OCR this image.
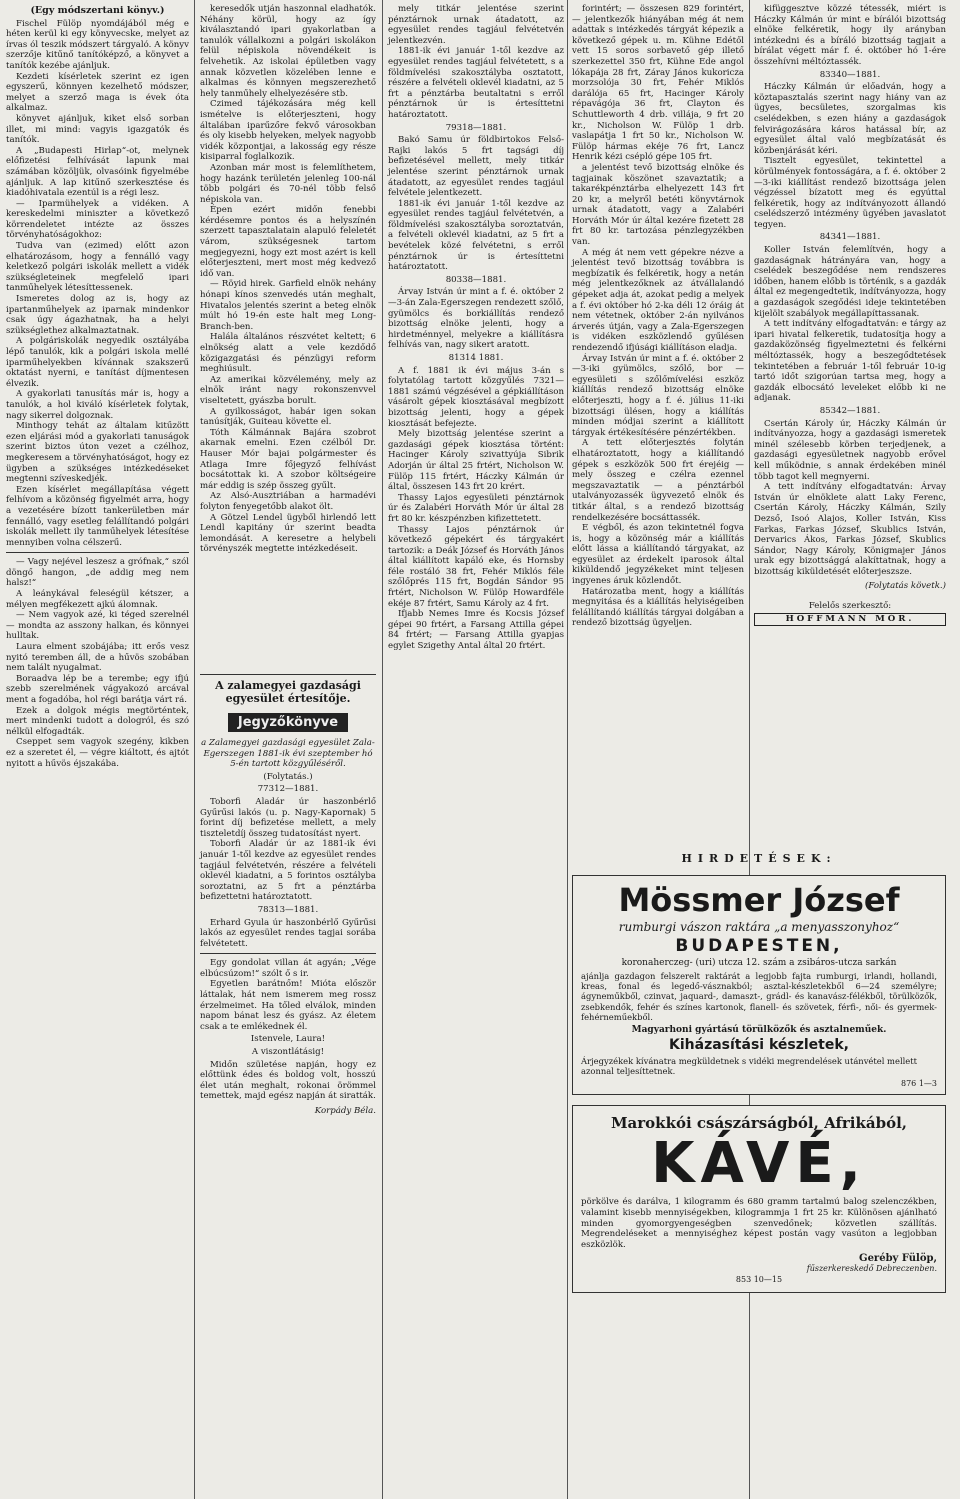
(Egy módszertani könyv.)

Fischel Fülöp nyomdájából még e héten kerül ki egy könyvecske, melyet az írvas ól teszik módszert tárgyaló. A könyv szerzője kitűnő tanítóképző, a könyvet a tanítók kezébe ajánljuk.

Kezdeti kísérletek szerint ez igen egyszerű, könnyen kezelhető módszer, melyet a szerző maga is évek óta alkalmaz.

könyvet ajánljuk, kiket első sorban illet, mi mind: vagyis igazgatók és tanítók.

A „Budapesti Hirlap“-ot, melynek előfizetési felhívását lapunk mai számában közöljük, olvasóink figyelmébe ajánljuk. A lap kitűnő szerkesztése és kiadóhivatala ezentúl is a régi lesz.

— Iparmühelyek a vidéken. A kereskedelmi miniszter a következő körrendeletet intézte az összes törvényhatóságokhoz:

Tudva van (ezimed) előtt azon elhatározásom, hogy a fennálló vagy keletkező polgári iskolák mellett a vidék szükségleteinek megfelelő ipari tanműhelyek létesíttessenek.

Ismeretes dolog az is, hogy az ipartanműhelyek az iparnak mindenkor csak úgy ágazhatnak, ha a helyi szükséglethez alkalmaztatnak.

A polgáriskolák negyedik osztályába lépő tanulók, kik a polgári iskola mellé iparműhelyekben kívánnak szakszerű oktatást nyerni, e tanítást díjmentesen élvezik.

A gyakorlati tanusítás már is, hogy a tanulók, a hol kiváló kísérletek folytak, nagy sikerrel dolgoznak.

Minthogy tehát az általam kitűzött ezen eljárási mód a gyakorlati tanuságok szerint biztos úton vezet a czélhoz, megkeresem a törvényhatóságot, hogy ez ügyben a szükséges intézkedéseket megtenni szíveskedjék.

Ezen kísérlet megállapítása végett felhívom a közönség figyelmét arra, hogy a vezetésére bízott tankerületben már fennálló, vagy esetleg felállítandó polgári iskolák mellett ily tanműhelyek létesítése mennyiben volna célszerű.

— Vagy nejével leszesz a grófnak,“ szól döngő hangon, „de addig meg nem halsz!“

A leánykával feleségül kétszer, a mélyen megfékezett ajkú álomnak.

— Nem vagyok azé, ki téged szerelnél — mondta az asszony halkan, és könnyei hulltak.

Laura elment szobájába; itt erős vesz nyitó teremben áll, de a hűvös szobában nem talált nyugalmat.

Boraadva lép be a terembe; egy ifjú szebb szerelmének vágyakozó arcával ment a fogadóba, hol régi barátja várt rá.

Ezek a dolgok mégis megtörténtek, mert mindenki tudott a dologról, és szó nélkül elfogadták.

Cseppet sem vagyok szegény, kikben ez a szeretet él, — végre kiáltott, és ajtót nyitott a hűvös éjszakába.

keresedők utján haszonnal eladhatók. Néhány körül, hogy az így kiválasztandó ipari gyakorlatban a tanulók vállalkozni a polgári iskolákon felül népiskola növendékeit is felvehetik. Az iskolai épületben vagy annak közvetlen közelében lenne e alkalmas és könnyen megszerezhető hely tanműhely elhelyezésére stb.

Czimed tájékozására még kell ismételve is előterjeszteni, hogy általában iparűzőre fekvő városokban és oly kisebb helyeken, melyek nagyobb vidék központjai, a lakosság egy része kisiparral foglalkozik.

Azonban már most is felemlíthetem, hogy hazánk területén jelenleg 100-nál több polgári és 70-nél több felső népiskola van.

Épen ezért midőn fenebbi kérdésemre pontos és a helyszínén szerzett tapasztalatain alapuló feleletét várom, szükségesnek tartom megjegyezni, hogy ezt most azért is kell előterjeszteni, mert most még kedvező idő van.

— Röyid hirek. Garfield elnök nehány hónapi kínos szenvedés után meghalt, Hivatalos jelentés szerint a beteg elnök múlt hó 19-én este halt meg Long-Branch-ben.

Halála általános részvétet keltett; 6 elnökség alatt a vele kezdődő közigazgatási és pénzügyi reform meghiúsult.

Az amerikai közvélemény, mely az elnök iránt nagy rokonszenvvel viseltetett, gyászba borult.

A gyilkosságot, habár igen sokan tanúsítják, Guiteau követte el.

Tóth Kálmánnak Bajára szobrot akarnak emelni. Ezen czélból Dr. Hauser Mór bajai polgármester és Atlaga Imre főjegyző felhívást bocsátottak ki. A szobor költségeire már eddig is szép összeg gyűlt.

Az Alsó-Ausztriában a harmadévi folyton fenyegetőbb alakot ölt.

A Götzel Lendel ügyből hirlendő lett Lendl kapitány úr szerint beadta lemondását. A keresetre a helybeli törvényszék megtette intézkedéseit.

A zalamegyei gazdasági egyesület értesítője.
Jegyzőkönyve

a Zalamegyei gazdasági egyesület Zala-Egerszegen 1881-ik évi szeptember hó 5-én tartott közgyűléséről.

(Folytatás.)

77312—1881.

Toborfi Aladár úr haszonbérlő Gyűrűsi lakós (u. p. Nagy-Kapornak) 5 forint díj befizetése mellett, a mely tiszteletdíj összeg tudatosítást nyert.

Toborfi Aladár úr az 1881-ik évi január 1-től kezdve az egyesület rendes tagjául felvétetvén, részére a felvételi oklevél kiadatni, a 5 forintos osztályba soroztatni, az 5 frt a pénztárba befizettetni határoztatott.

78313—1881.

Erhard Gyula úr haszonbérlő Gyűrűsi lakós az egyesület rendes tagjai sorába felvétetett.

Egy gondolat villan át agyán; „Vége elbúcsúzom!“ szólt ő s ir.

Egyetlen barátnőm! Mióta először láttalak, hát nem ismerem meg rossz érzelmeimet. Ha tőled elválok, minden napom bánat lesz és gyász. Az életem csak a te emlékednek él.

Istenvele, Laura!

A viszontlátásig!

Midőn születése napján, hogy ez előttünk édes és boldog volt, hosszú élet után meghalt, rokonai örömmel temettek, majd egész napján át siratták.

Korpády Béla.

mely titkár jelentése szerint pénztárnok urnak átadatott, az egyesület rendes tagjául felvétetvén jelentkezvén.

1881-ik évi január 1-től kezdve az egyesület rendes tagjául felvétetett, s a földmívelési szakosztályba osztatott, részére a felvételi oklevél kiadatni, az 5 frt a pénztárba beutaltatni s erről pénztárnok úr is értesíttetni határoztatott.

79318—1881.

Bakó Samu úr földbirtokos Felső-Rajki lakós 5 frt tagsági díj befizetésével mellett, mely titkár jelentése szerint pénztárnok urnak átadatott, az egyesület rendes tagjául felvétele jelentkezett.

1881-ik évi január 1-től kezdve az egyesület rendes tagjául felvétetvén, a földmívelési szakosztályba soroztatván, a felvételi oklevél kiadatni, az 5 frt a bevételek közé felvétetni, s erről pénztárnok úr is értesíttetni határoztatott.

80338—1881.

Árvay István úr mint a f. é. október 2—3-án Zala-Egerszegen rendezett szőlő, gyümölcs és borkiállítás rendező bizottság elnöke jelenti, hogy a hirdetménnyel, melyekre a kiállításra felhívás van, nagy sikert aratott.

81314 1881.

A f. 1881 ik évi május 3-án s folytatólag tartott közgyűlés 7321—1881 számú végzésével a gépkiállításon vásárolt gépek kiosztásával megbízott bizottság jelenti, hogy a gépek kiosztását befejezte.

Mely bizottság jelentése szerint a gazdasági gépek kiosztása történt: Hacinger Károly szivattyúja Sibrik Adorján úr által 25 frtért, Nicholson W. Fülöp 115 frtért, Háczky Kálmán úr által, összesen 143 frt 20 krért.

Thassy Lajos egyesületi pénztárnok úr és Zalabéri Horváth Mór úr által 28 frt 80 kr. készpénzben kifizettetett.

Thassy Lajos pénztárnok úr következő gépekért és tárgyakért tartozik: a Deák József és Horváth János által kiállított kapáló eke, és Hornsby féle rostáló 38 frt, Fehér Miklós féle szőlőprés 115 frt, Bogdán Sándor 95 frtért, Nicholson W. Fülöp Howardféle ekéje 87 frtért, Samu Károly az 4 frt.

Ifjabb Nemes Imre és Kocsis József gépei 90 frtért, a Farsang Attilla gépei 84 frtért; — Farsang Attilla gyapjas egylet Szigethy Antal által 20 frtért.

forintért; — összesen 829 forintért, — jelentkezők hiányában még át nem adattak s intézkedés tárgyát képezik a következő gépek u. m. Kühne Edétől vett 15 soros sorbavető gép illető szerkezettel 350 frt, Kühne Ede angol lókapája 28 frt, Záray János kukoricza morzsolója 30 frt, Fehér Miklós darálója 65 frt, Hacinger Károly répavágója 36 frt, Clayton és Schuttleworth 4 drb. villája, 9 frt 20 kr., Nicholson W. Fülöp 1 drb. vaslapátja 1 frt 50 kr., Nicholson W. Fülöp hármas ekéje 76 frt, Lancz Henrik kézi csépló gépe 105 frt.

a jelentést tevő bizottság elnöke és tagjainak köszönet szavaztatik; a takarékpénztárba elhelyezett 143 frt 20 kr, a melyről betéti könyvtárnok urnak átadatott, vagy a Zalabéri Horváth Mór úr által kezére fizetett 28 frt 80 kr. tartozása pénzlegyzékben van.

A még át nem vett gépekre nézve a jelentést tevő bizottság továbbra is megbízatik és felkéretik, hogy a netán még jelentkezőknek az átvállalandó gépeket adja át, azokat pedig a melyek a f. évi október hó 2-ka déli 12 óráig át nem vétetnek, október 2-án nyilvános árverés útján, vagy a Zala-Egerszegen is vidéken eszközlendő gyűlésen rendezendő ifjúsági kiállításon eladja.

Árvay István úr mint a f. é. október 2—3-iki gyümölcs, szőlő, bor — egyesületi s szőlőmívelési eszköz kiállítás rendező bizottság elnöke előterjeszti, hogy a f. é. július 11-iki bizottsági ülésen, hogy a kiállítás minden módjai szerint a kiállított tárgyak értékesítésére pénzértékben.

A tett előterjesztés folytán elhatároztatott, hogy a kiállítandó gépek s eszközök 500 frt érejéig — mely összeg e czélra ezennel megszavaztatik — a pénztárból utalványozassék ügyvezető elnök és titkár által, s a rendező bizottság rendelkezésére bocsáttassék.

E végből, és azon tekintetnél fogva is, hogy a közönség már a kiállítás előtt lássa a kiállítandó tárgyakat, az egyesület az érdekelt iparosok által kiküldendő jegyzékeket mint teljesen ingyenes áruk közlendőt.

Határozatba ment, hogy a kiállítás megnyitása és a kiállítás helyiségeiben felállítandó kiállítás tárgyai dolgában a rendező bizottság ügyeljen.

kifüggesztve közzé tétessék, miért is Háczky Kálmán úr mint e bírálói bizottság elnöke felkéretik, hogy ily arányban intézkedni és a bíráló bizottság tagjait a bírálat végett már f. é. október hó 1-ére összehívni méltóztassék.

83340—1881.

Háczky Kálmán úr előadván, hogy a köztapasztalás szerint nagy hiány van az ügyes, becsületes, szorgalmas kis cselédekben, s ezen hiány a gazdaságok felvirágozására káros hatással bír, az egyesület által való megbízatását és közbenjárását kéri.

Tisztelt egyesület, tekintettel a körülmények fontosságára, a f. é. október 2—3-iki kiállítást rendező bizottsága jelen végzéssel bízatott meg és egyúttal felkéretik, hogy az indítványozott állandó cselédszerző intézmény ügyében javaslatot tegyen.

84341—1881.

Koller István felemlítvén, hogy a gazdaságnak hátrányára van, hogy a cselédek beszegődése nem rendszeres időben, hanem előbb is történik, s a gazdák által ez megengedtetik, indítványozza, hogy a gazdaságok szegődési ideje tekintetében kijelölt szabályok megállapíttassanak.

A tett indítvány elfogadtatván: e tárgy az ipari hivatal felkeretik, tudatosítja hogy a gazdaközönség figyelmeztetni és felkérni méltóztassék, hogy a beszegődtetések tekintetében a február 1-től február 10-ig tartó időt szigorúan tartsa meg, hogy a gazdák elbocsátó leveleket előbb ki ne adjanak.

85342—1881.

Csertán Károly úr, Háczky Kálmán úr indítványozza, hogy a gazdasági ismeretek minél szélesebb körben terjedjenek, a gazdasági egyesületnek nagyobb erővel kell működnie, s annak érdekében minél több tagot kell megnyerni.

A tett indítvány elfogadtatván: Árvay István úr elnöklete alatt Laky Ferenc, Csertán Károly, Háczky Kálmán, Szily Dezső, Isoó Alajos, Koller István, Kiss Farkas, Farkas József, Skublics István, Dervarics Ákos, Farkas József, Skublics Sándor, Nagy Károly, Königmajer János urak egy bizottsággá alakíttatnak, hogy a bizottság kiküldetését előterjeszsze.

(Folytatás követk.)

Felelős szerkesztő:

HOFFMANN MÓR.

HIRDETÉSEK:
Mössmer József
rumburgi vászon raktára „a menyasszonyhoz“
BUDAPESTEN,
koronaherczeg- (uri) utcza 12. szám a zsibáros-utcza sarkán

ajánlja gazdagon felszerelt raktárát a legjobb fajta rumburgi, irlandi, hollandi, kreas, fonal és legedő-vásznakból; asztal-készletekből 6—24 személyre; ágyneműkből, czinvat, jaquard-, damaszt-, grádl- és kanavász-félékből, törülközők, zsebkendők, fehér és színes kartonok, flanell- és szövetek, férfi-, női- és gyermek-fehérneműekből.

Magyarhoni gyártású törülközők és asztalneműek.
Kiházasítási készletek,

Árjegyzékek kívánatra megküldetnek s vidéki megrendelések utánvétel mellett azonnal teljesíttetnek.

876 1—3
Marokkói császárságból, Afrikából,
KÁVÉ,

pörkölve és darálva, 1 kilogramm és 680 gramm tartalmú balog szelenczékben, valamint kisebb mennyiségekben, kilogrammja 1 frt 25 kr. Különösen ajánlható minden gyomorgyengeségben szenvedőnek; közvetlen szállítás. Megrendeléseket a mennyiséghez képest postán vagy vasúton a legjobban eszközlök.

Geréby Fülöp,
fűszerkereskedő Debreczenben.
853 10—15
